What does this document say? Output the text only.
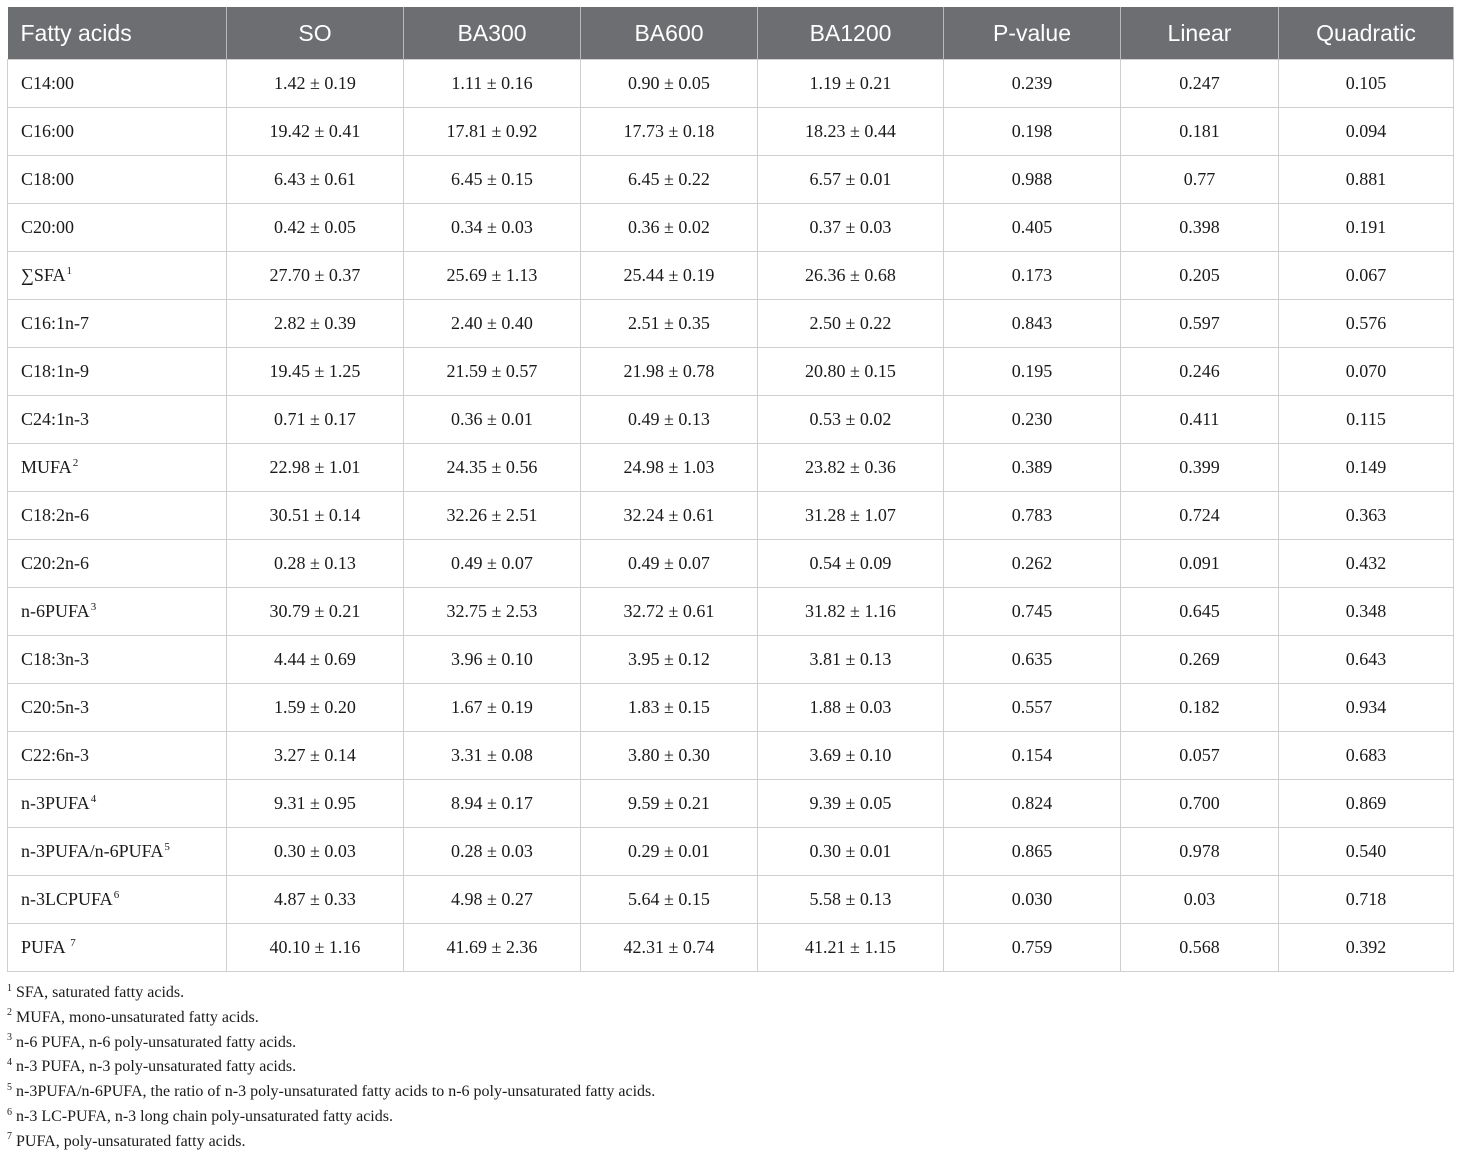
Fatty acids	SO	BA300	BA600	BA1200	P-value	Linear	Quadratic
C14:00	1.42 ± 0.19	1.11 ± 0.16	0.90 ± 0.05	1.19 ± 0.21	0.239	0.247	0.105
C16:00	19.42 ± 0.41	17.81 ± 0.92	17.73 ± 0.18	18.23 ± 0.44	0.198	0.181	0.094
C18:00	6.43 ± 0.61	6.45 ± 0.15	6.45 ± 0.22	6.57 ± 0.01	0.988	0.77	0.881
C20:00	0.42 ± 0.05	0.34 ± 0.03	0.36 ± 0.02	0.37 ± 0.03	0.405	0.398	0.191
∑SFA$^1$	27.70 ± 0.37	25.69 ± 1.13	25.44 ± 0.19	26.36 ± 0.68	0.173	0.205	0.067
C16:1n-7	2.82 ± 0.39	2.40 ± 0.40	2.51 ± 0.35	2.50 ± 0.22	0.843	0.597	0.576
C18:1n-9	19.45 ± 1.25	21.59 ± 0.57	21.98 ± 0.78	20.80 ± 0.15	0.195	0.246	0.070
C24:1n-3	0.71 ± 0.17	0.36 ± 0.01	0.49 ± 0.13	0.53 ± 0.02	0.230	0.411	0.115
MUFA$^2$	22.98 ± 1.01	24.35 ± 0.56	24.98 ± 1.03	23.82 ± 0.36	0.389	0.399	0.149
C18:2n-6	30.51 ± 0.14	32.26 ± 2.51	32.24 ± 0.61	31.28 ± 1.07	0.783	0.724	0.363
C20:2n-6	0.28 ± 0.13	0.49 ± 0.07	0.49 ± 0.07	0.54 ± 0.09	0.262	0.091	0.432
n-6PUFA$^3$	30.79 ± 0.21	32.75 ± 2.53	32.72 ± 0.61	31.82 ± 1.16	0.745	0.645	0.348
C18:3n-3	4.44 ± 0.69	3.96 ± 0.10	3.95 ± 0.12	3.81 ± 0.13	0.635	0.269	0.643
C20:5n-3	1.59 ± 0.20	1.67 ± 0.19	1.83 ± 0.15	1.88 ± 0.03	0.557	0.182	0.934
C22:6n-3	3.27 ± 0.14	3.31 ± 0.08	3.80 ± 0.30	3.69 ± 0.10	0.154	0.057	0.683
n-3PUFA$^4$	9.31 ± 0.95	8.94 ± 0.17	9.59 ± 0.21	9.39 ± 0.05	0.824	0.700	0.869
n-3PUFA/n-6PUFA$^5$	0.30 ± 0.03	0.28 ± 0.03	0.29 ± 0.01	0.30 ± 0.01	0.865	0.978	0.540
n-3LCPUFA$^6$	4.87 ± 0.33	4.98 ± 0.27	5.64 ± 0.15	5.58 ± 0.13	0.030	0.03	0.718
PUFA $^7$	40.10 ± 1.16	41.69 ± 2.36	42.31 ± 0.74	41.21 ± 1.15	0.759	0.568	0.392
$^1$ SFA, saturated fatty acids.
$^2$ MUFA, mono-unsaturated fatty acids.
$^3$ n-6 PUFA, n-6 poly-unsaturated fatty acids.
$^4$ n-3 PUFA, n-3 poly-unsaturated fatty acids.
$^5$ n-3PUFA/n-6PUFA, the ratio of n-3 poly-unsaturated fatty acids to n-6 poly-unsaturated fatty acids.
$^6$ n-3 LC-PUFA, n-3 long chain poly-unsaturated fatty acids.
$^7$ PUFA, poly-unsaturated fatty acids.
